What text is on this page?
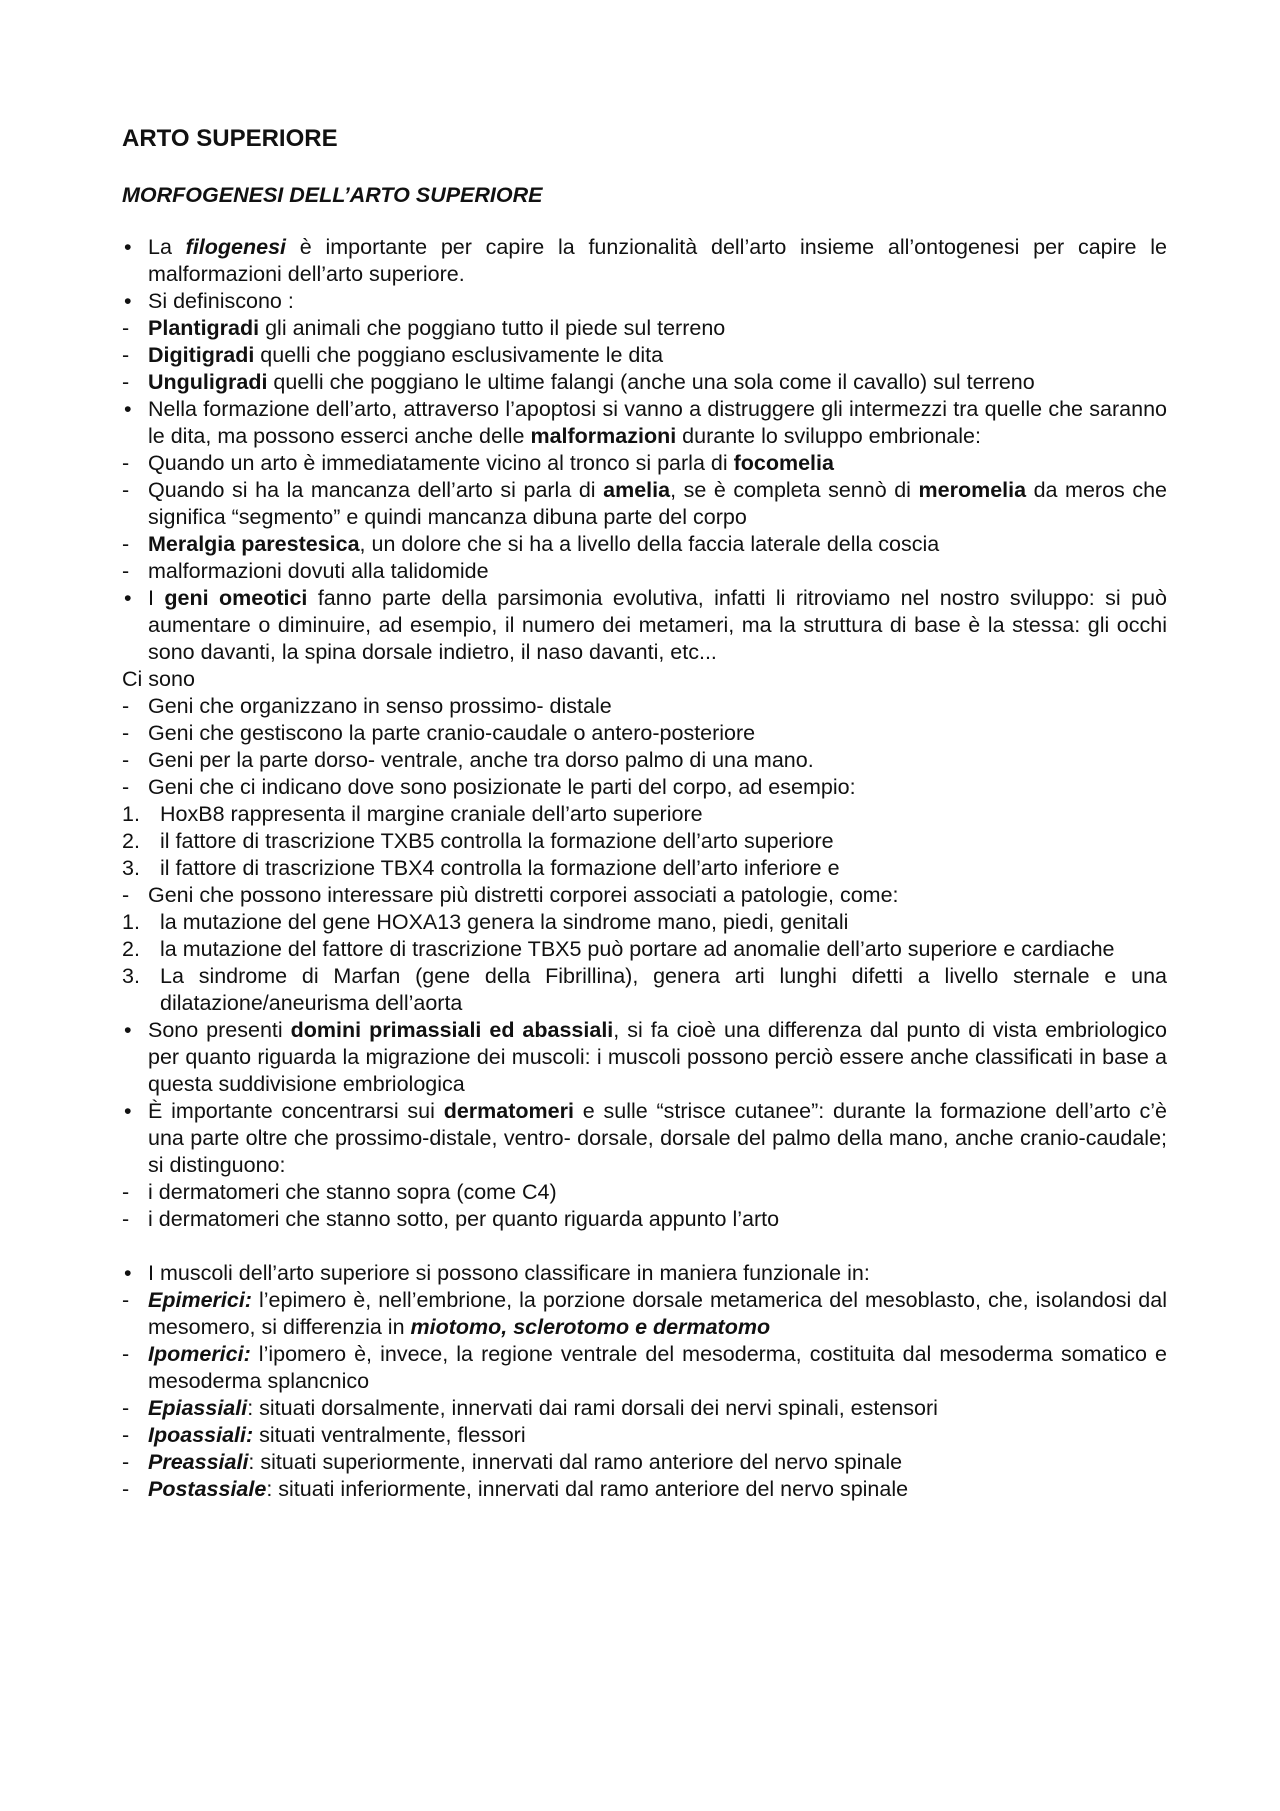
ARTO SUPERIORE
MORFOGENESI DELL’ARTO SUPERIORE
• La filogenesi è importante per capire la funzionalità dell’arto insieme all’ontogenesi per capire le malformazioni dell’arto superiore.
• Si definiscono :
- Plantigradi gli animali che poggiano tutto il piede sul terreno
- Digitigradi quelli che poggiano esclusivamente le dita
- Unguligradi quelli che poggiano le ultime falangi (anche una sola come il cavallo) sul terreno
• Nella formazione dell’arto, attraverso l’apoptosi si vanno a distruggere gli intermezzi tra quelle che saranno le dita, ma possono esserci anche delle malformazioni durante lo sviluppo embrionale:
- Quando un arto è immediatamente vicino al tronco si parla di focomelia
- Quando si ha la mancanza dell’arto si parla di amelia, se è completa sennò di meromelia da meros che significa “segmento” e quindi mancanza dibuna parte del corpo
- Meralgia parestesica, un dolore che si ha a livello della faccia laterale della coscia
- malformazioni dovuti alla talidomide
• I geni omeotici fanno parte della parsimonia evolutiva, infatti li ritroviamo nel nostro sviluppo: si può aumentare o diminuire, ad esempio, il numero dei metameri, ma la struttura di base è la stessa: gli occhi sono davanti, la spina dorsale indietro, il naso davanti, etc...
Ci sono
- Geni che organizzano in senso prossimo- distale
- Geni che gestiscono la parte cranio-caudale o antero-posteriore
- Geni per la parte dorso- ventrale, anche tra dorso palmo di una mano.
- Geni che ci indicano dove sono posizionate le parti del corpo, ad esempio:
1. HoxB8 rappresenta il margine craniale dell’arto superiore
2. il fattore di trascrizione TXB5 controlla la formazione dell’arto superiore
3. il fattore di trascrizione TBX4 controlla la formazione dell’arto inferiore e
- Geni che possono interessare più distretti corporei associati a patologie, come:
1. la mutazione del gene HOXA13 genera la sindrome mano, piedi, genitali
2. la mutazione del fattore di trascrizione TBX5 può portare ad anomalie dell’arto superiore e cardiache
3. La sindrome di Marfan (gene della Fibrillina), genera arti lunghi difetti a livello sternale e una dilatazione/aneurisma dell’aorta
• Sono presenti domini primassiali ed abassiali, si fa cioè una differenza dal punto di vista embriologico per quanto riguarda la migrazione dei muscoli: i muscoli possono perciò essere anche classificati in base a questa suddivisione embriologica
• È importante concentrarsi sui dermatomeri e sulle “strisce cutanee”: durante la formazione dell’arto c’è una parte oltre che prossimo-distale, ventro- dorsale, dorsale del palmo della mano, anche cranio-caudale; si distinguono:
- i dermatomeri che stanno sopra (come C4)
- i dermatomeri che stanno sotto, per quanto riguarda appunto l’arto
• I muscoli dell’arto superiore si possono classificare in maniera funzionale in:
- Epimerici: l’epimero è, nell’embrione, la porzione dorsale metamerica del mesoblasto, che, isolandosi dal mesomero, si differenzia in miotomo, sclerotomo e dermatomo
- Ipomerici: l’ipomero è, invece, la regione ventrale del mesoderma, costituita dal mesoderma somatico e mesoderma splancnico
- Epiassiali: situati dorsalmente, innervati dai rami dorsali dei nervi spinali, estensori
- Ipoassiali: situati ventralmente, flessori
- Preassiali: situati superiormente, innervati dal ramo anteriore del nervo spinale
- Postassiale: situati inferiormente, innervati dal ramo anteriore del nervo spinale
